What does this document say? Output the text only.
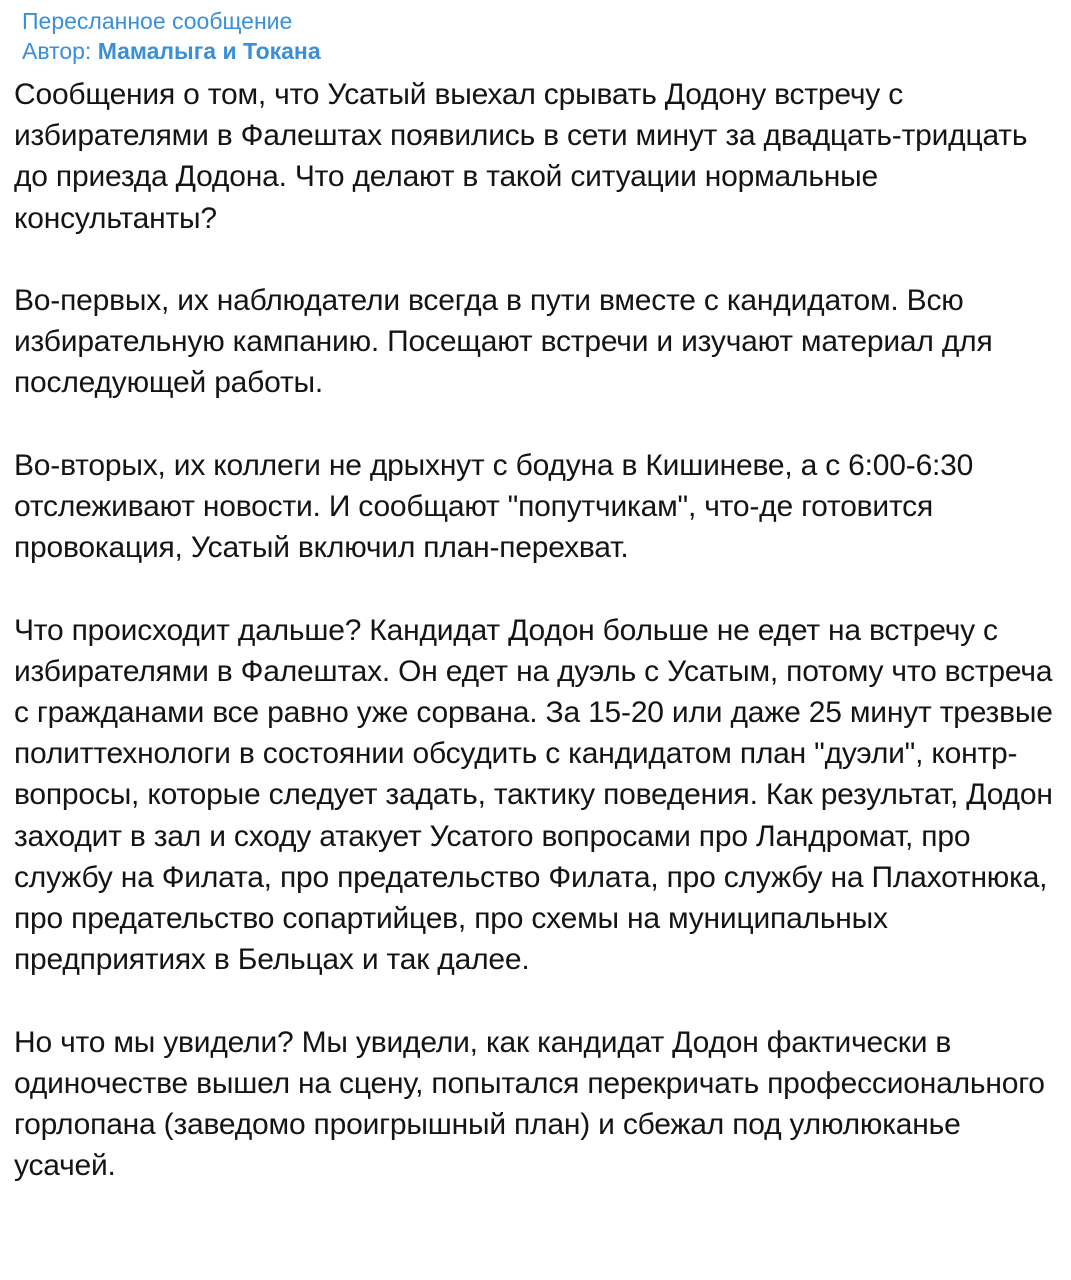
Пересланное сообщение
Автор: Мамалыга и Токана

Сообщения о том, что Усатый выехал срывать Додону встречу с избирателями в Фалештах появились в сети минут за двадцать-тридцать до приезда Додона. Что делают в такой ситуации нормальные консультанты?

Во-первых, их наблюдатели всегда в пути вместе с кандидатом. Всю избирательную кампанию. Посещают встречи и изучают материал для последующей работы.

Во-вторых, их коллеги не дрыхнут с бодуна в Кишиневе, а с 6:00-6:30 отслеживают новости. И сообщают "попутчикам", что-де готовится провокация, Усатый включил план-перехват.

Что происходит дальше? Кандидат Додон больше не едет на встречу с избирателями в Фалештах. Он едет на дуэль с Усатым, потому что встреча с гражданами все равно уже сорвана. За 15-20 или даже 25 минут трезвые политтехнологи в состоянии обсудить с кандидатом план "дуэли", контр-вопросы, которые следует задать, тактику поведения. Как результат, Додон заходит в зал и сходу атакует Усатого вопросами про Ландромат, про службу на Филата, про предательство Филата, про службу на Плахотнюка, про предательство сопартийцев, про схемы на муниципальных предприятиях в Бельцах и так далее.

Но что мы увидели? Мы увидели, как кандидат Додон фактически в одиночестве вышел на сцену, попытался перекричать профессионального горлопана (заведомо проигрышный план) и сбежал под улюлюканье усачей.
